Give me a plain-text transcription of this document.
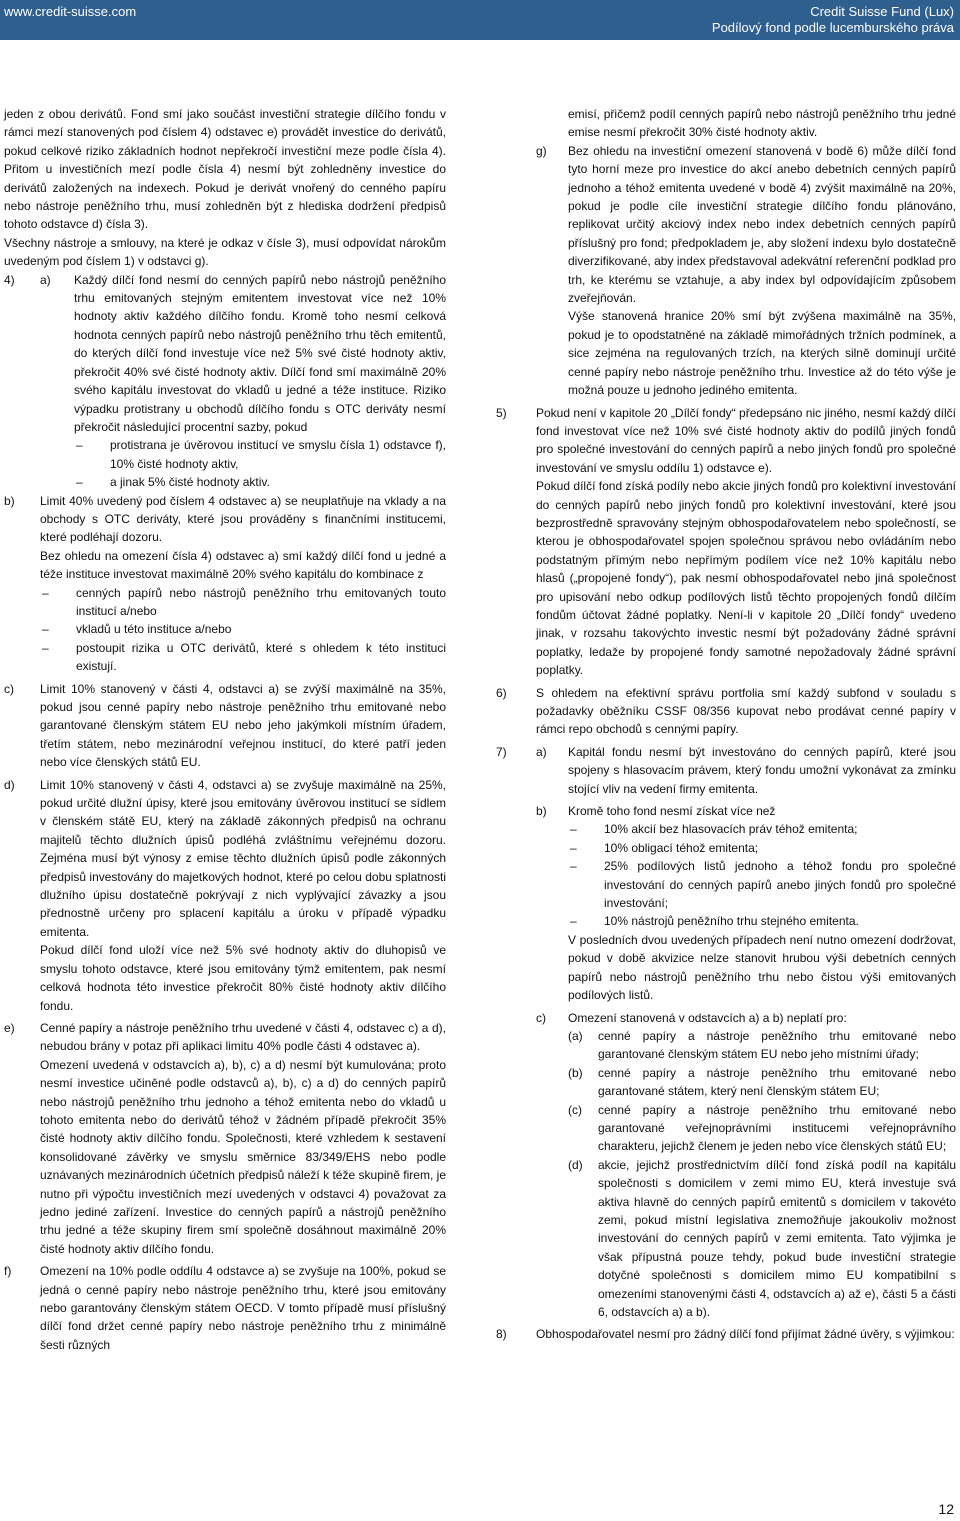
www.credit-suisse.com	Credit Suisse Fund (Lux)
Podílový fond podle lucemburského práva

jeden z obou derivátů. Fond smí jako součást investiční strategie dílčího fondu v rámci mezí stanovených pod číslem 4) odstavec e) provádět investice do derivátů, pokud celkové riziko základních hodnot nepřekročí investiční meze podle čísla 4). Přitom u investičních mezí podle čísla 4) nesmí být zohledněny investice do derivátů založených na indexech. Pokud je derivát vnořený do cenného papíru nebo nástroje peněžního trhu, musí zohledněn být z hlediska dodržení předpisů tohoto odstavce d) čísla 3).

Všechny nástroje a smlouvy, na které je odkaz v čísle 3), musí odpovídat nárokům uvedeným pod číslem 1) v odstavci g).

4) a) Každý dílčí fond nesmí do cenných papírů nebo nástrojů peněžního trhu emitovaných stejným emitentem investovat více než 10% hodnoty aktiv každého dílčího fondu. Kromě toho nesmí celková hodnota cenných papírů nebo nástrojů peněžního trhu těch emitentů, do kterých dílčí fond investuje více než 5% své čisté hodnoty aktiv, překročit 40% své čisté hodnoty aktiv. Dílčí fond smí maximálně 20% svého kapitálu investovat do vkladů u jedné a téže instituce. Riziko výpadku protistrany u obchodů dílčího fondu s OTC deriváty nesmí překročit následující procentní sazby, pokud

– protistrana je úvěrovou institucí ve smyslu čísla 1) odstavce f), 10% čisté hodnoty aktiv,

– a jinak 5% čisté hodnoty aktiv.

b) Limit 40% uvedený pod číslem 4 odstavec a) se neuplatňuje na vklady a na obchody s OTC deriváty, které jsou prováděny s finančními institucemi, které podléhají dozoru.

Bez ohledu na omezení čísla 4) odstavec a) smí každý dílčí fond u jedné a téže instituce investovat maximálně 20% svého kapitálu do kombinace z

– cenných papírů nebo nástrojů peněžního trhu emitovaných touto institucí a/nebo

– vkladů u této instituce a/nebo

– postoupit rizika u OTC derivátů, které s ohledem k této instituci existují.

c) Limit 10% stanovený v části 4, odstavci a) se zvýší maximálně na 35%, pokud jsou cenné papíry nebo nástroje peněžního trhu emitované nebo garantované členským státem EU nebo jeho jakýmkoli místním úřadem, třetím státem, nebo mezinárodní veřejnou institucí, do které patří jeden nebo více členských států EU.

d) Limit 10% stanovený v části 4, odstavci a) se zvyšuje maximálně na 25%, pokud určité dlužní úpisy, které jsou emitovány úvěrovou institucí se sídlem v členském státě EU, který na základě zákonných předpisů na ochranu majitelů těchto dlužních úpisů podléhá zvláštnímu veřejnému dozoru. Zejména musí být výnosy z emise těchto dlužních úpisů podle zákonných předpisů investovány do majetkových hodnot, které po celou dobu splatnosti dlužního úpisu dostatečně pokrývají z nich vyplývající závazky a jsou přednostně určeny pro splacení kapitálu a úroku v případě výpadku emitenta.

Pokud dílčí fond uloží více než 5% své hodnoty aktiv do dluhopisů ve smyslu tohoto odstavce, které jsou emitovány týmž emitentem, pak nesmí celková hodnota této investice překročit 80% čisté hodnoty aktiv dílčího fondu.

e) Cenné papíry a nástroje peněžního trhu uvedené v části 4, odstavec c) a d), nebudou brány v potaz při aplikaci limitu 40% podle části 4 odstavec a).

Omezení uvedená v odstavcích a), b), c) a d) nesmí být kumulována; proto nesmí investice učiněné podle odstavců a), b), c) a d) do cenných papírů nebo nástrojů peněžního trhu jednoho a téhož emitenta nebo do vkladů u tohoto emitenta nebo do derivátů téhož v žádném případě překročit 35% čisté hodnoty aktiv dílčího fondu. Společnosti, které vzhledem k sestavení konsolidované závěrky ve smyslu směrnice 83/349/EHS nebo podle uznávaných mezinárodních účetních předpisů náleží k téže skupině firem, je nutno při výpočtu investičních mezí uvedených v odstavci 4) považovat za jedno jediné zařízení. Investice do cenných papírů a nástrojů peněžního trhu jedné a téže skupiny firem smí společně dosáhnout maximálně 20% čisté hodnoty aktiv dílčího fondu.

f) Omezení na 10% podle oddílu 4 odstavce a) se zvyšuje na 100%, pokud se jedná o cenné papíry nebo nástroje peněžního trhu, které jsou emitovány nebo garantovány členským státem OECD. V tomto případě musí příslušný dílčí fond držet cenné papíry nebo nástroje peněžního trhu z minimálně šesti různých

emisí, přičemž podíl cenných papírů nebo nástrojů peněžního trhu jedné emise nesmí překročit 30% čisté hodnoty aktiv.

g) Bez ohledu na investiční omezení stanovená v bodě 6) může dílčí fond tyto horní meze pro investice do akcí anebo debetních cenných papírů jednoho a téhož emitenta uvedené v bodě 4) zvýšit maximálně na 20%, pokud je podle cíle investiční strategie dílčího fondu plánováno, replikovat určitý akciový index nebo index debetních cenných papírů příslušný pro fond; předpokladem je, aby složení indexu bylo dostatečně diverzifikované, aby index představoval adekvátní referenční podklad pro trh, ke kterému se vztahuje, a aby index byl odpovídajícím způsobem zveřejňován.

Výše stanovená hranice 20% smí být zvýšena maximálně na 35%, pokud je to opodstatněné na základě mimořádných tržních podmínek, a sice zejména na regulovaných trzích, na kterých silně dominují určité cenné papíry nebo nástroje peněžního trhu. Investice až do této výše je možná pouze u jednoho jediného emitenta.

5) Pokud není v kapitole 20 „Dílčí fondy“ předepsáno nic jiného, nesmí každý dílčí fond investovat více než 10% své čisté hodnoty aktiv do podílů jiných fondů pro společné investování do cenných papírů a nebo jiných fondů pro společné investování ve smyslu oddílu 1) odstavce e).

Pokud dílčí fond získá podíly nebo akcie jiných fondů pro kolektivní investování do cenných papírů nebo jiných fondů pro kolektivní investování, které jsou bezprostředně spravovány stejným obhospodařovatelem nebo společností, se kterou je obhospodařovatel spojen společnou správou nebo ovládáním nebo podstatným přímým nebo nepřímým podílem více než 10% kapitálu nebo hlasů („propojené fondy“), pak nesmí obhospodařovatel nebo jiná společnost pro upisování nebo odkup podílových listů těchto propojených fondů dílčím fondům účtovat žádné poplatky. Není-li v kapitole 20 „Dílčí fondy“ uvedeno jinak, v rozsahu takovýchto investic nesmí být požadovány žádné správní poplatky, ledaže by propojené fondy samotné nepožadovaly žádné správní poplatky.

6) S ohledem na efektivní správu portfolia smí každý subfond v souladu s požadavky oběžníku CSSF 08/356 kupovat nebo prodávat cenné papíry v rámci repo obchodů s cennými papíry.

7) a) Kapitál fondu nesmí být investováno do cenných papírů, které jsou spojeny s hlasovacím právem, který fondu umožní vykonávat za zmínku stojící vliv na vedení firmy emitenta.

b) Kromě toho fond nesmí získat více než

– 10% akcií bez hlasovacích práv téhož emitenta;

– 10% obligací téhož emitenta;

– 25% podílových listů jednoho a téhož fondu pro společné investování do cenných papírů anebo jiných fondů pro společné investování;

– 10% nástrojů peněžního trhu stejného emitenta.

V posledních dvou uvedených případech není nutno omezení dodržovat, pokud v době akvizice nelze stanovit hrubou výši debetních cenných papírů nebo nástrojů peněžního trhu nebo čistou výši emitovaných podílových listů.

c) Omezení stanovená v odstavcích a) a b) neplatí pro:

(a) cenné papíry a nástroje peněžního trhu emitované nebo garantované členským státem EU nebo jeho místními úřady;

(b) cenné papíry a nástroje peněžního trhu emitované nebo garantované státem, který není členským státem EU;

(c) cenné papíry a nástroje peněžního trhu emitované nebo garantované veřejnoprávními institucemi veřejnoprávního charakteru, jejichž členem je jeden nebo více členských států EU;

(d) akcie, jejichž prostřednictvím dílčí fond získá podíl na kapitálu společnosti s domicilem v zemi mimo EU, která investuje svá aktiva hlavně do cenných papírů emitentů s domicilem v takovéto zemi, pokud místní legislativa znemožňuje jakoukoliv možnost investování do cenných papírů v zemi emitenta. Tato výjimka je však přípustná pouze tehdy, pokud bude investiční strategie dotyčné společnosti s domicilem mimo EU kompatibilní s omezeními stanovenými části 4, odstavcích a) až e), části 5 a části 6, odstavcích a) a b).

8) Obhospodařovatel nesmí pro žádný dílčí fond přijímat žádné úvěry, s výjimkou:

12
